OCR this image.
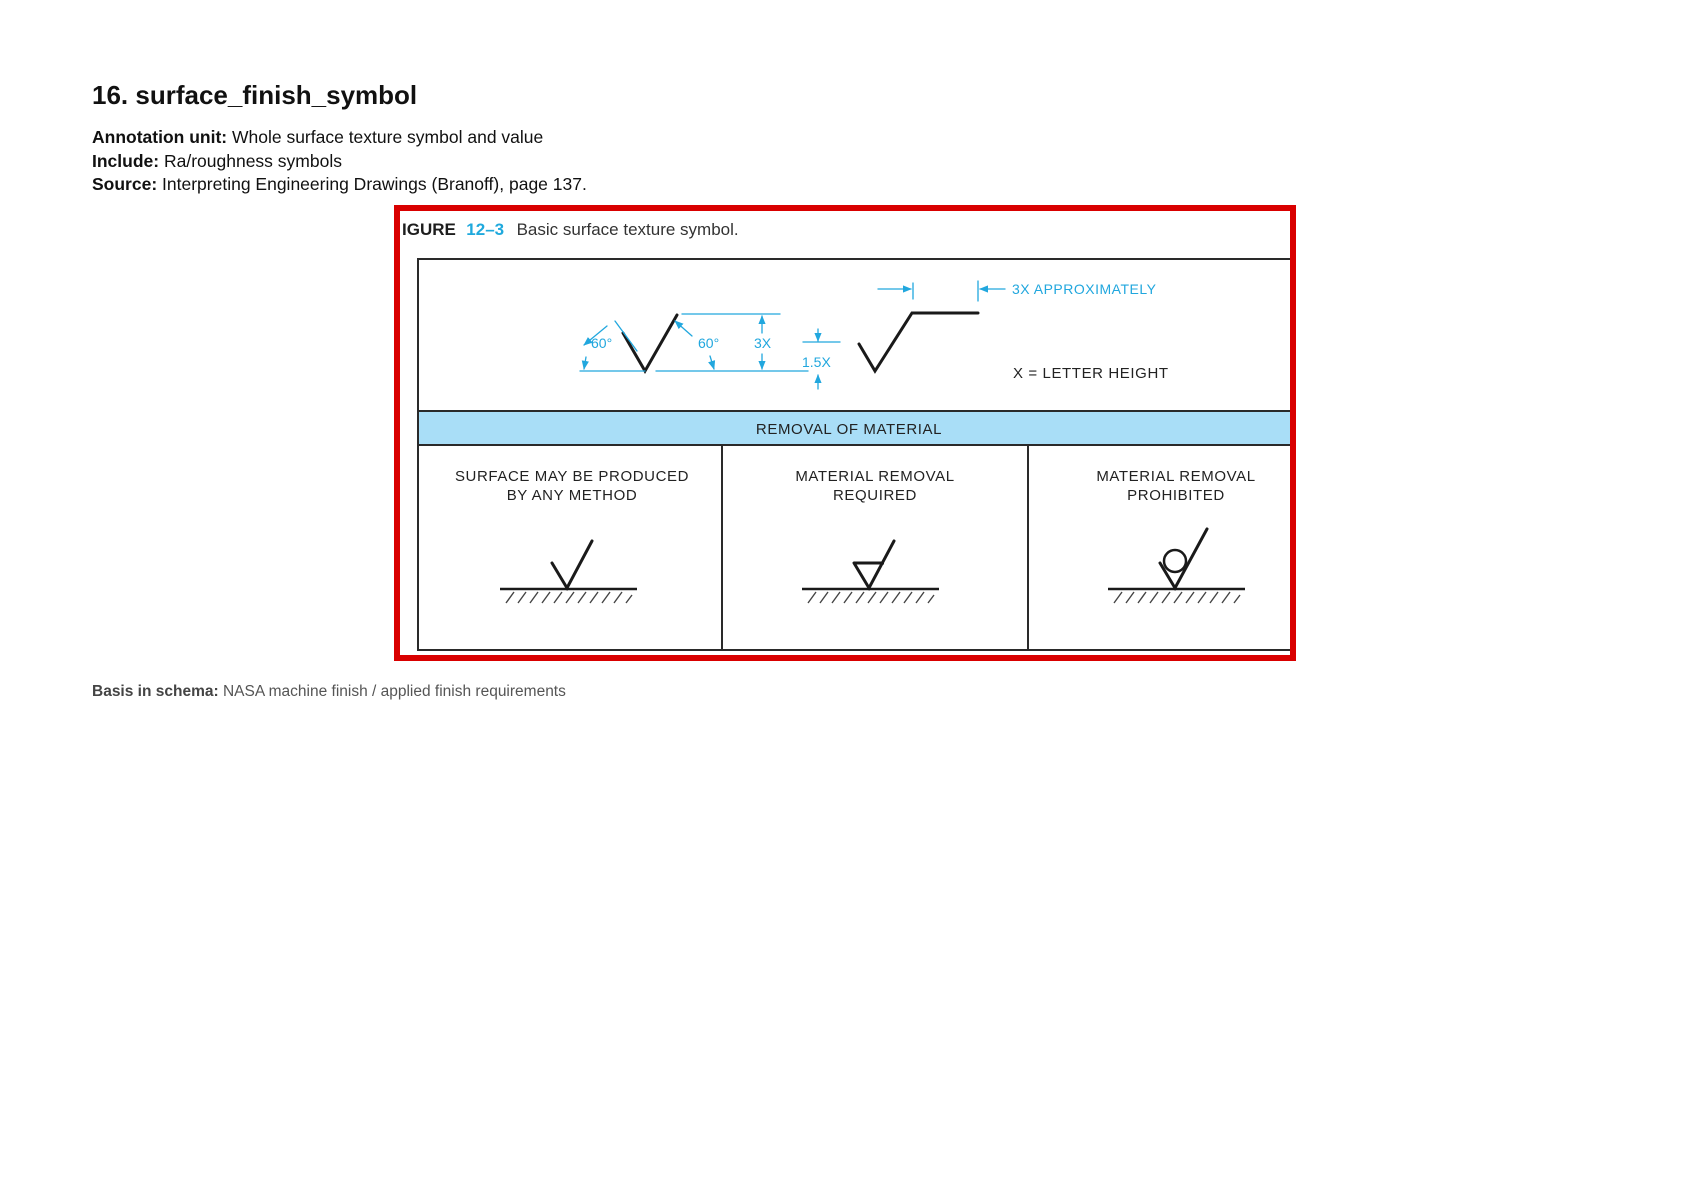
16. surface_finish_symbol
Annotation unit: Whole surface texture symbol and value
Include: Ra/roughness symbols
Source: Interpreting Engineering Drawings (Branoff), page 137.
IGURE 12–3 Basic surface texture symbol.
60°	60° 3X
1.5X
3X APPROXIMATELY
X = LETTER HEIGHT
REMOVAL OF MATERIAL
SURFACE MAY BE PRODUCED
BY ANY METHOD
MATERIAL REMOVAL
REQUIRED
MATERIAL REMOVAL
PROHIBITED
Basis in schema: NASA machine finish / applied finish requirements
